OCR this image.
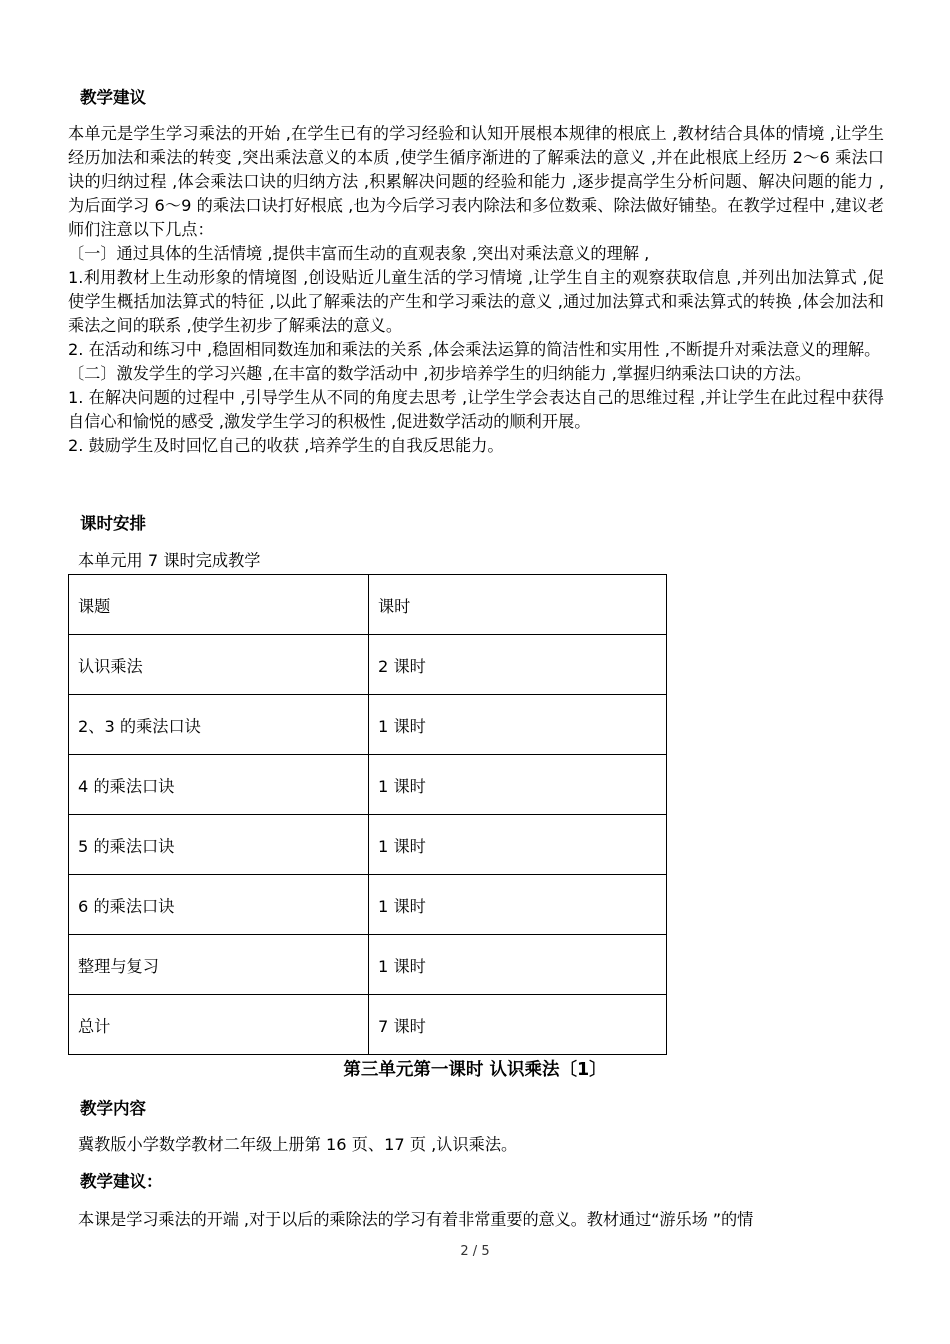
教学建议

本单元是学生学习乘法的开始 ,在学生已有的学习经验和认知开展根本规律的根底上 ,教材结合具体的情境 ,让学生经历加法和乘法的转变 ,突出乘法意义的本质 ,使学生循序渐进的了解乘法的意义 ,并在此根底上经历 2～6 乘法口诀的归纳过程 ,体会乘法口诀的归纳方法 ,积累解决问题的经验和能力 ,逐步提高学生分析问题、解决问题的能力 ,为后面学习 6～9 的乘法口诀打好根底 ,也为今后学习表内除法和多位数乘、除法做好铺垫。在教学过程中 ,建议老师们注意以下几点：

〔一〕通过具体的生活情境 ,提供丰富而生动的直观表象 ,突出对乘法意义的理解 ,

1.利用教材上生动形象的情境图 ,创设贴近儿童生活的学习情境 ,让学生自主的观察获取信息 ,并列出加法算式 ,促使学生概括加法算式的特征 ,以此了解乘法的产生和学习乘法的意义 ,通过加法算式和乘法算式的转换 ,体会加法和乘法之间的联系 ,使学生初步了解乘法的意义。

2. 在活动和练习中 ,稳固相同数连加和乘法的关系 ,体会乘法运算的简洁性和实用性 ,不断提升对乘法意义的理解。

〔二〕激发学生的学习兴趣 ,在丰富的数学活动中 ,初步培养学生的归纳能力 ,掌握归纳乘法口诀的方法。

1. 在解决问题的过程中 ,引导学生从不同的角度去思考 ,让学生学会表达自己的思维过程 ,并让学生在此过程中获得自信心和愉悦的感受 ,激发学生学习的积极性 ,促进数学活动的顺利开展。

2. 鼓励学生及时回忆自己的收获 ,培养学生的自我反思能力。

课时安排
本单元用 7 课时完成教学
课题	课时
认识乘法	2 课时
2、3 的乘法口诀	1 课时
4 的乘法口诀	1 课时
5 的乘法口诀	1 课时
6 的乘法口诀	1 课时
整理与复习	1 课时
总计	7 课时
第三单元第一课时 认识乘法〔1〕
教学内容
冀教版小学数学教材二年级上册第 16 页、17 页 ,认识乘法。
教学建议：
本课是学习乘法的开端 ,对于以后的乘除法的学习有着非常重要的意义。教材通过“游乐场 ”的情
2 / 5
